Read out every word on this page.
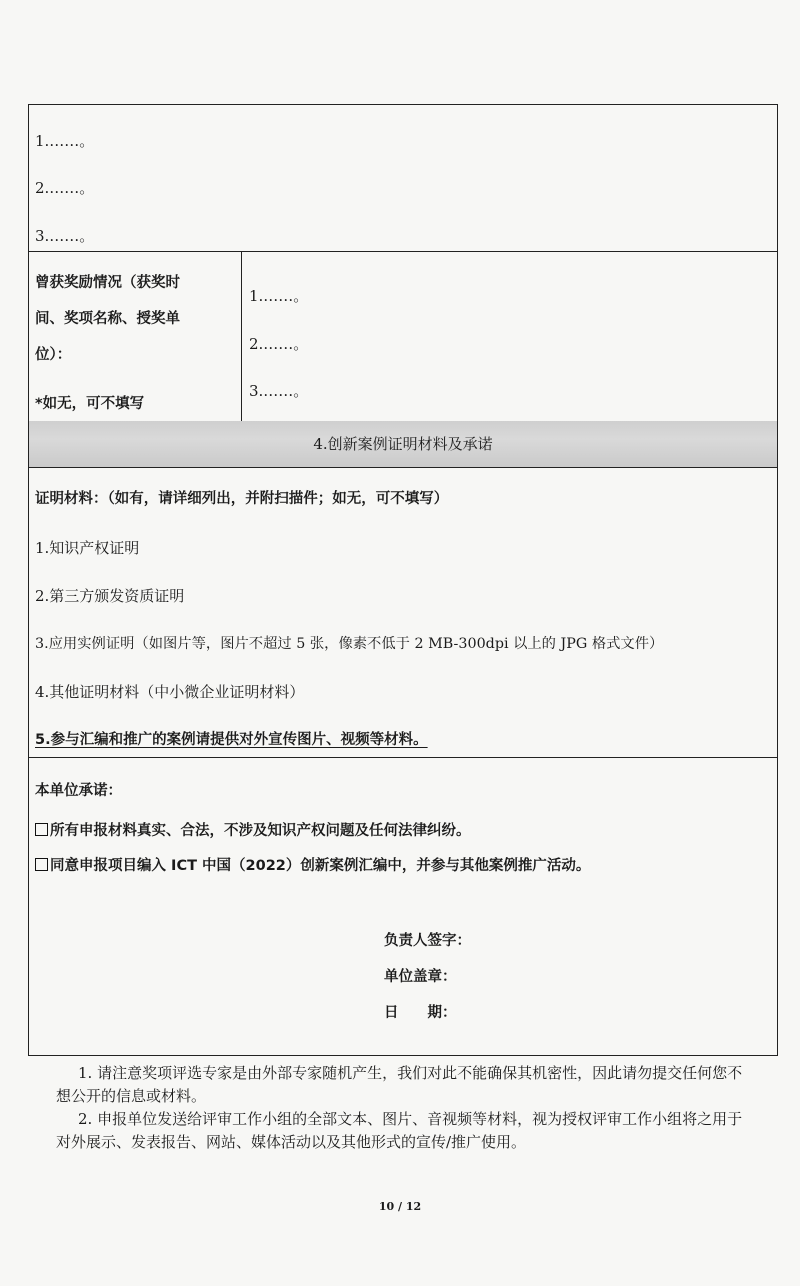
1.……。
2.……。
3.……。
曾获奖励情况（获奖时
间、奖项名称、授奖单
位）：
*如无，可不填写
1.……。
2.……。
3.……。
4.创新案例证明材料及承诺
证明材料：（如有，请详细列出，并附扫描件；如无，可不填写）
1.知识产权证明
2.第三方颁发资质证明
3.应用实例证明（如图片等，图片不超过 5 张，像素不低于 2 MB-300dpi 以上的 JPG 格式文件）
4.其他证明材料（中小微企业证明材料）
5.参与汇编和推广的案例请提供对外宣传图片、视频等材料。
本单位承诺：
所有申报材料真实、合法，不涉及知识产权问题及任何法律纠纷。
同意申报项目编入 ICT 中国（2022）创新案例汇编中，并参与其他案例推广活动。
负责人签字：
单位盖章：
日　　期：

1. 请注意奖项评选专家是由外部专家随机产生，我们对此不能确保其机密性，因此请勿提交任何您不想公开的信息或材料。

2. 申报单位发送给评审工作小组的全部文本、图片、音视频等材料，视为授权评审工作小组将之用于对外展示、发表报告、网站、媒体活动以及其他形式的宣传/推广使用。

10 / 12
